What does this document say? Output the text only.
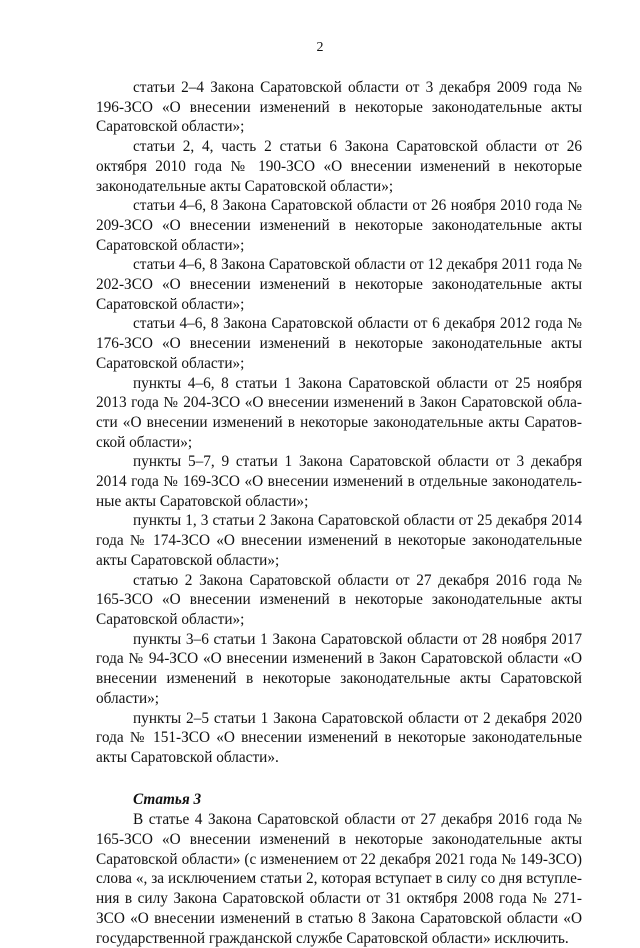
2

статьи 2–4 Закона Саратовской области от 3 декабря 2009 года № 196-ЗСО «О внесении изменений в некоторые законодательные акты Саратовской области»;

статьи 2, 4, часть 2 статьи 6 Закона Саратовской области от 26 октября 2010 года № 190-ЗСО «О внесении изменений в некоторые законодательные акты Саратовской области»;

статьи 4–6, 8 Закона Саратовской области от 26 ноября 2010 года № 209-ЗСО «О внесении изменений в некоторые законодательные акты Саратовской области»;

статьи 4–6, 8 Закона Саратовской области от 12 декабря 2011 года № 202-ЗСО «О внесении изменений в некоторые законодательные акты Саратовской области»;

статьи 4–6, 8 Закона Саратовской области от 6 декабря 2012 года № 176-ЗСО «О внесении изменений в некоторые законодательные акты Саратовской области»;

пункты 4–6, 8 статьи 1 Закона Саратовской области от 25 ноября 2013 года № 204-ЗСО «О внесении изменений в Закон Саратовской области «О внесении изменений в некоторые законодательные акты Саратовской области»;

пункты 5–7, 9 статьи 1 Закона Саратовской области от 3 декабря 2014 года № 169-ЗСО «О внесении изменений в отдельные законодательные акты Саратовской области»;

пункты 1, 3 статьи 2 Закона Саратовской области от 25 декабря 2014 года № 174-ЗСО «О внесении изменений в некоторые законодательные акты Саратовской области»;

статью 2 Закона Саратовской области от 27 декабря 2016 года № 165-ЗСО «О внесении изменений в некоторые законодательные акты Саратовской области»;

пункты 3–6 статьи 1 Закона Саратовской области от 28 ноября 2017 года № 94-ЗСО «О внесении изменений в Закон Саратовской области «О внесении изменений в некоторые законодательные акты Саратовской области»;

пункты 2–5 статьи 1 Закона Саратовской области от 2 декабря 2020 года № 151-ЗСО «О внесении изменений в некоторые законодательные акты Саратовской области».

Статья 3

В статье 4 Закона Саратовской области от 27 декабря 2016 года № 165-ЗСО «О внесении изменений в некоторые законодательные акты Саратовской области» (с изменением от 22 декабря 2021 года № 149-ЗСО) слова «, за исключением статьи 2, которая вступает в силу со дня вступления в силу Закона Саратовской области от 31 октября 2008 года № 271-ЗСО «О внесении изменений в статью 8 Закона Саратовской области «О государственной гражданской службе Саратовской области» исключить.
